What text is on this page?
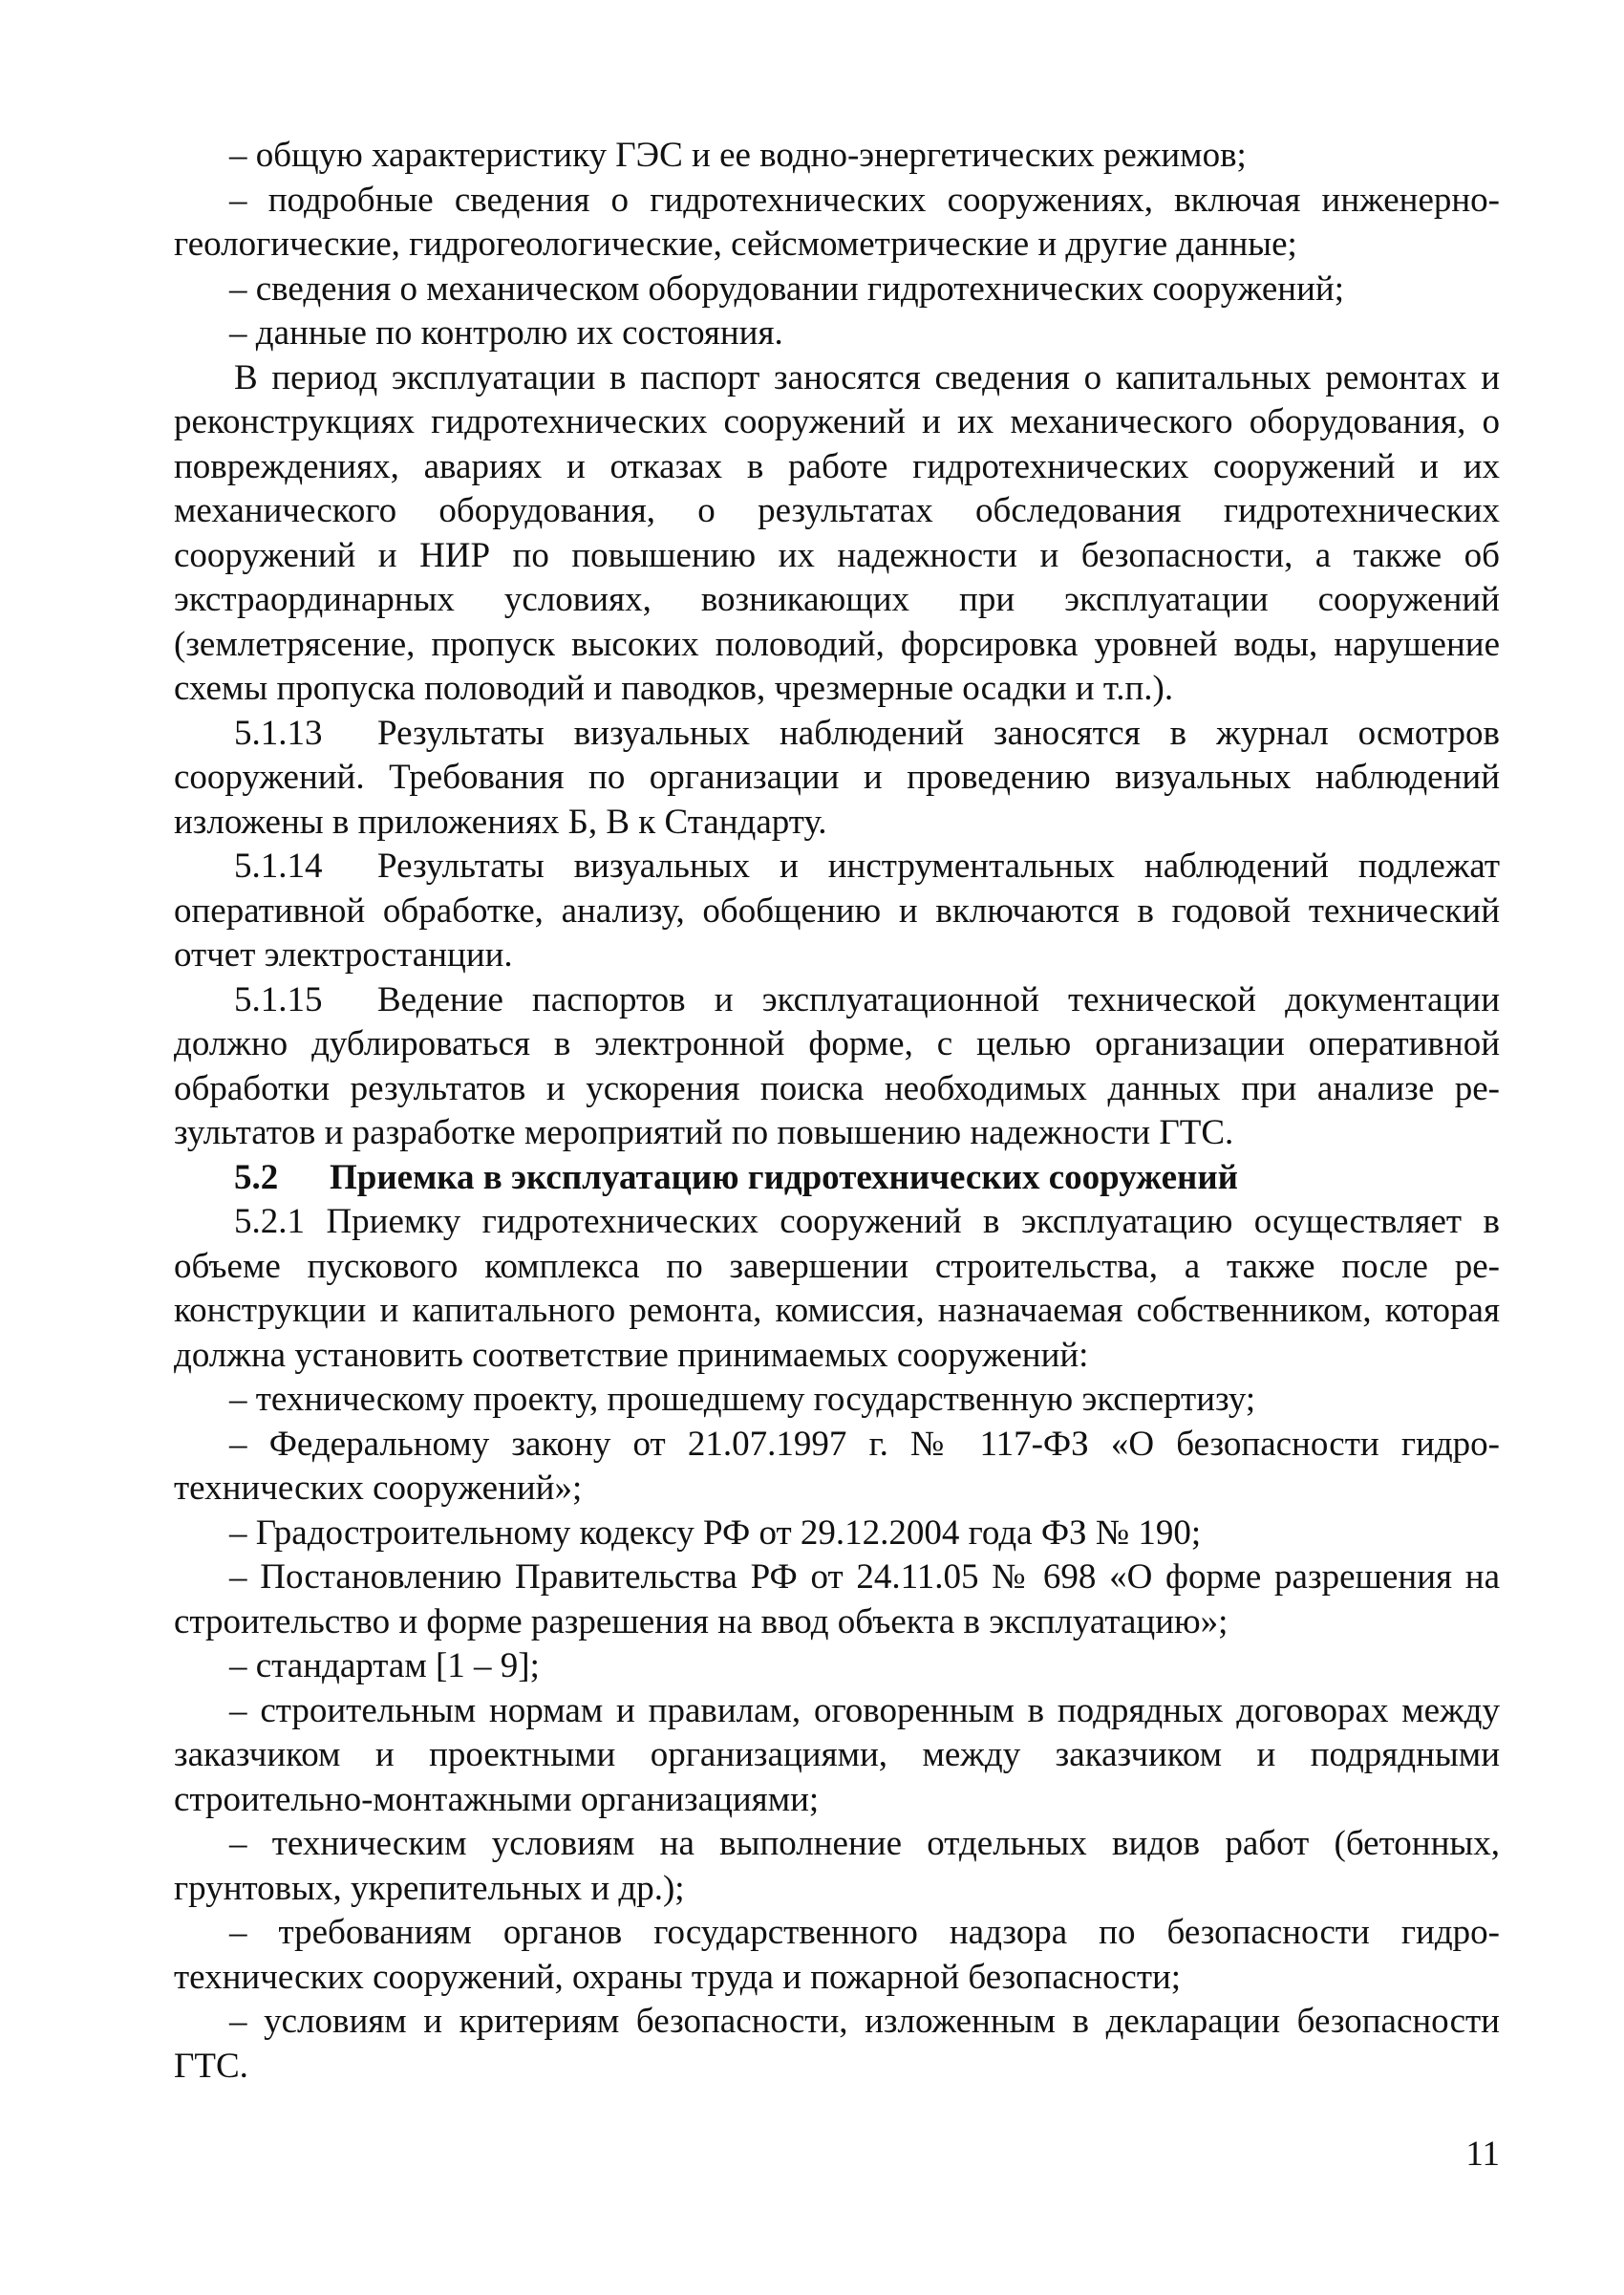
– общую характеристику ГЭС и ее водно-энергетических режимов;

– подробные сведения о гидротехнических сооружениях, включая инженерно-геологические, гидрогеологические, сейсмометрические и другие данные;

– сведения о механическом оборудовании гидротехнических сооружений;

– данные по контролю их состояния.

В период эксплуатации в паспорт заносятся сведения о капитальных ремонтах и реконструкциях гидротехнических сооружений и их механического оборудования, о повреждениях, авариях и отказах в работе гидротехнических сооружений и их механического оборудования, о результатах обследования гидротехнических сооружений и НИР по повышению их надежности и безопасности, а также об экстраординарных условиях, возникающих при эксплуатации сооружений (землетрясение, пропуск высоких половодий, форсировка уровней воды, нарушение схемы пропуска половодий и паводков, чрезмерные осадки и т.п.).

5.1.13 Результаты визуальных наблюдений заносятся в журнал осмотров сооружений. Требования по организации и проведению визуальных наблюдений изложены в приложениях Б, В к Стандарту.

5.1.14 Результаты визуальных и инструментальных наблюдений подлежат оперативной обработке, анализу, обобщению и включаются в годовой технический отчет электростанции.

5.1.15 Ведение паспортов и эксплуатационной технической документации должно дублироваться в электронной форме, с целью организации оперативной обработки результатов и ускорения поиска необходимых данных при анализе результатов и разработке мероприятий по повышению надежности ГТС.

5.2 Приемка в эксплуатацию гидротехнических сооружений

5.2.1 Приемку гидротехнических сооружений в эксплуатацию осуществляет в объеме пускового комплекса по завершении строительства, а также после реконструкции и капитального ремонта, комиссия, назначаемая собственником, которая должна установить соответствие принимаемых сооружений:

– техническому проекту, прошедшему государственную экспертизу;

– Федеральному закону от 21.07.1997 г. № 117-ФЗ «О безопасности гидротехнических сооружений»;

– Градостроительному кодексу РФ от 29.12.2004 года ФЗ № 190;

– Постановлению Правительства РФ от 24.11.05 № 698 «О форме разрешения на строительство и форме разрешения на ввод объекта в эксплуатацию»;

– стандартам [1 – 9];

– строительным нормам и правилам, оговоренным в подрядных договорах между заказчиком и проектными организациями, между заказчиком и подрядными строительно-монтажными организациями;

– техническим условиям на выполнение отдельных видов работ (бетонных, грунтовых, укрепительных и др.);

– требованиям органов государственного надзора по безопасности гидротехнических сооружений, охраны труда и пожарной безопасности;

– условиям и критериям безопасности, изложенным в декларации безопасности ГТС.

11
